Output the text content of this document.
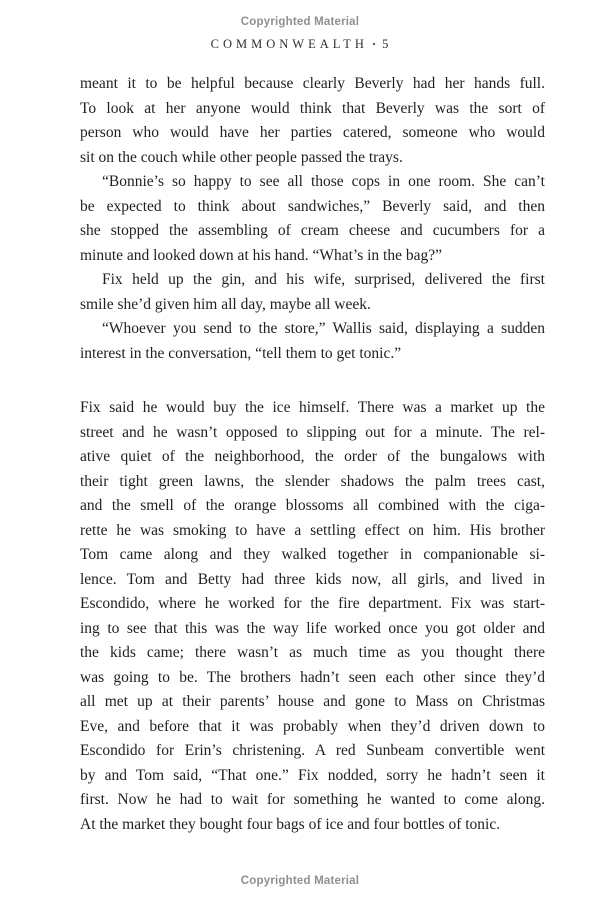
Copyrighted Material
COMMONWEALTH · 5
meant it to be helpful because clearly Beverly had her hands full.
To look at her anyone would think that Beverly was the sort of
person who would have her parties catered, someone who would
sit on the couch while other people passed the trays.
“Bonnie’s so happy to see all those cops in one room. She can’t
be expected to think about sandwiches,” Beverly said, and then
she stopped the assembling of cream cheese and cucumbers for a
minute and looked down at his hand. “What’s in the bag?”
Fix held up the gin, and his wife, surprised, delivered the first
smile she’d given him all day, maybe all week.
“Whoever you send to the store,” Wallis said, displaying a sudden
interest in the conversation, “tell them to get tonic.”
Fix said he would buy the ice himself. There was a market up the
street and he wasn’t opposed to slipping out for a minute. The rel-
ative quiet of the neighborhood, the order of the bungalows with
their tight green lawns, the slender shadows the palm trees cast,
and the smell of the orange blossoms all combined with the ciga-
rette he was smoking to have a settling effect on him. His brother
Tom came along and they walked together in companionable si-
lence. Tom and Betty had three kids now, all girls, and lived in
Escondido, where he worked for the fire department. Fix was start-
ing to see that this was the way life worked once you got older and
the kids came; there wasn’t as much time as you thought there
was going to be. The brothers hadn’t seen each other since they’d
all met up at their parents’ house and gone to Mass on Christmas
Eve, and before that it was probably when they’d driven down to
Escondido for Erin’s christening. A red Sunbeam convertible went
by and Tom said, “That one.” Fix nodded, sorry he hadn’t seen it
first. Now he had to wait for something he wanted to come along.
At the market they bought four bags of ice and four bottles of tonic.
Copyrighted Material
